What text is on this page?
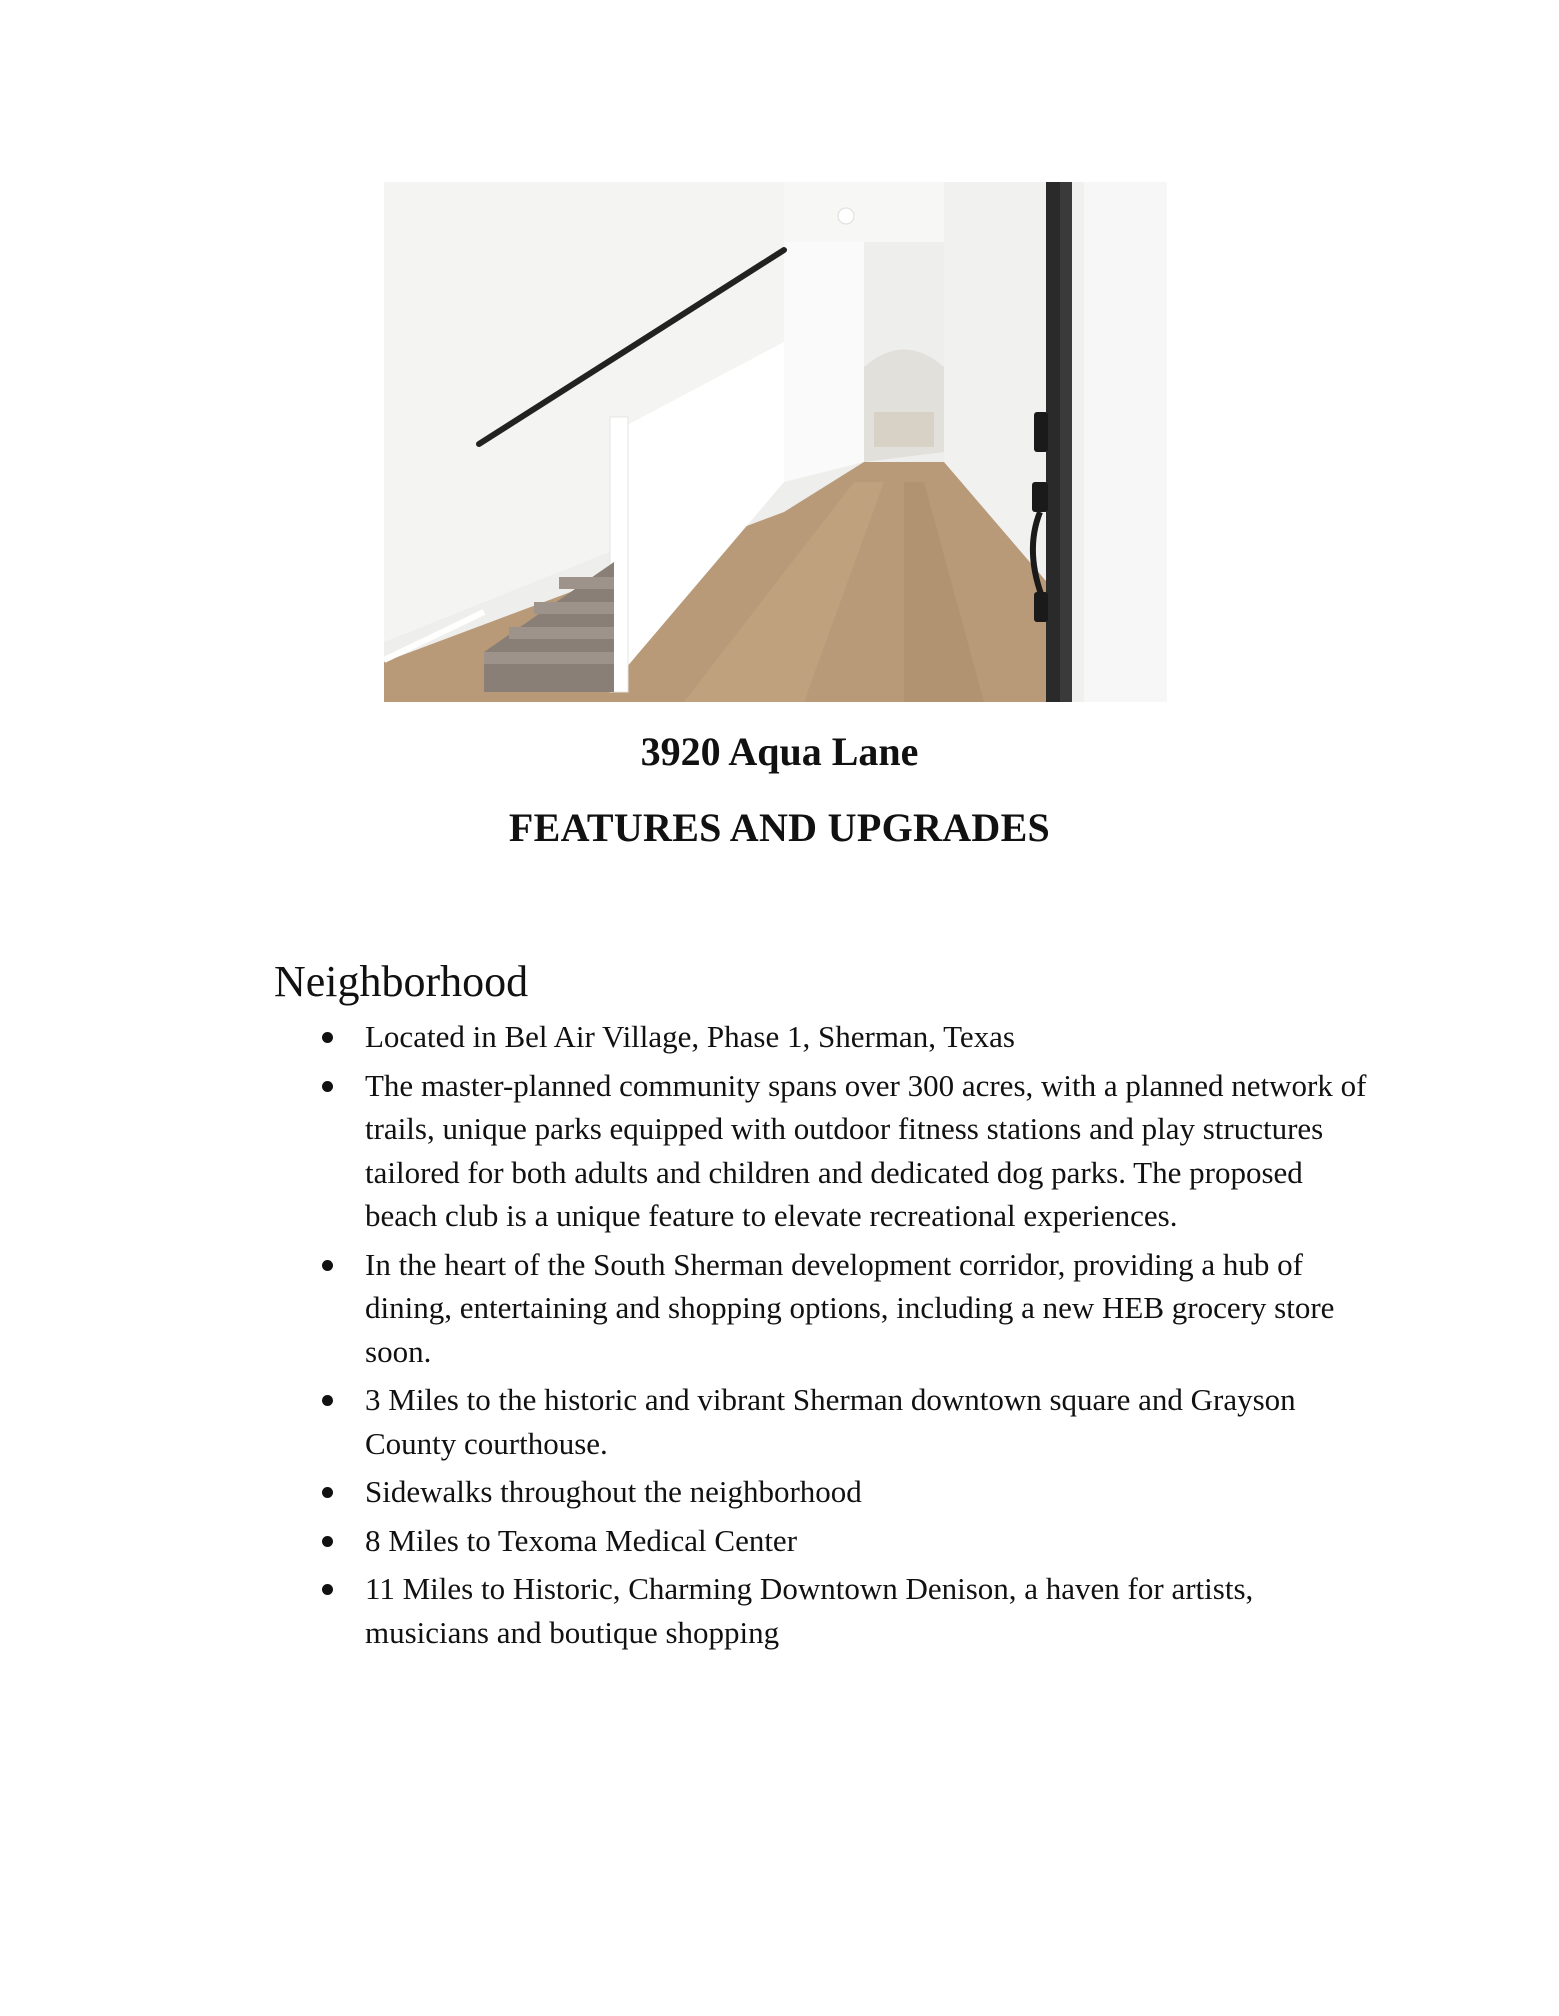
3920 Aqua Lane
FEATURES AND UPGRADES
Neighborhood
Located in Bel Air Village, Phase 1, Sherman, Texas
The master-planned community spans over 300 acres, with a planned network of trails, unique parks equipped with outdoor fitness stations and play structures tailored for both adults and children and dedicated dog parks. The proposed beach club is a unique feature to elevate recreational experiences.
In the heart of the South Sherman development corridor, providing a hub of dining, entertaining and shopping options, including a new HEB grocery store soon.
3 Miles to the historic and vibrant Sherman downtown square and Grayson County courthouse.
Sidewalks throughout the neighborhood
8 Miles to Texoma Medical Center
11 Miles to Historic, Charming Downtown Denison, a haven for artists, musicians and boutique shopping
